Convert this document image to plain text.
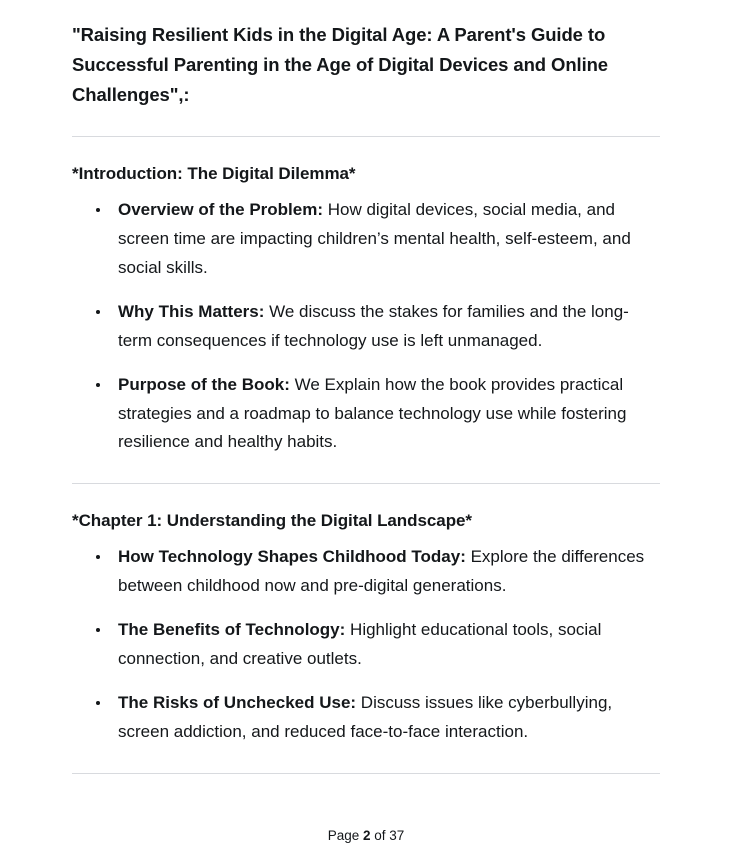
"Raising Resilient Kids in the Digital Age: A Parent's Guide to Successful Parenting in the Age of Digital Devices and Online Challenges",:
*Introduction: The Digital Dilemma*
Overview of the Problem: How digital devices, social media, and screen time are impacting children’s mental health, self-esteem, and social skills.
Why This Matters: We discuss the stakes for families and the long-term consequences if technology use is left unmanaged.
Purpose of the Book: We Explain how the book provides practical strategies and a roadmap to balance technology use while fostering resilience and healthy habits.
*Chapter 1: Understanding the Digital Landscape*
How Technology Shapes Childhood Today: Explore the differences between childhood now and pre-digital generations.
The Benefits of Technology: Highlight educational tools, social connection, and creative outlets.
The Risks of Unchecked Use: Discuss issues like cyberbullying, screen addiction, and reduced face-to-face interaction.
Page 2 of 37
